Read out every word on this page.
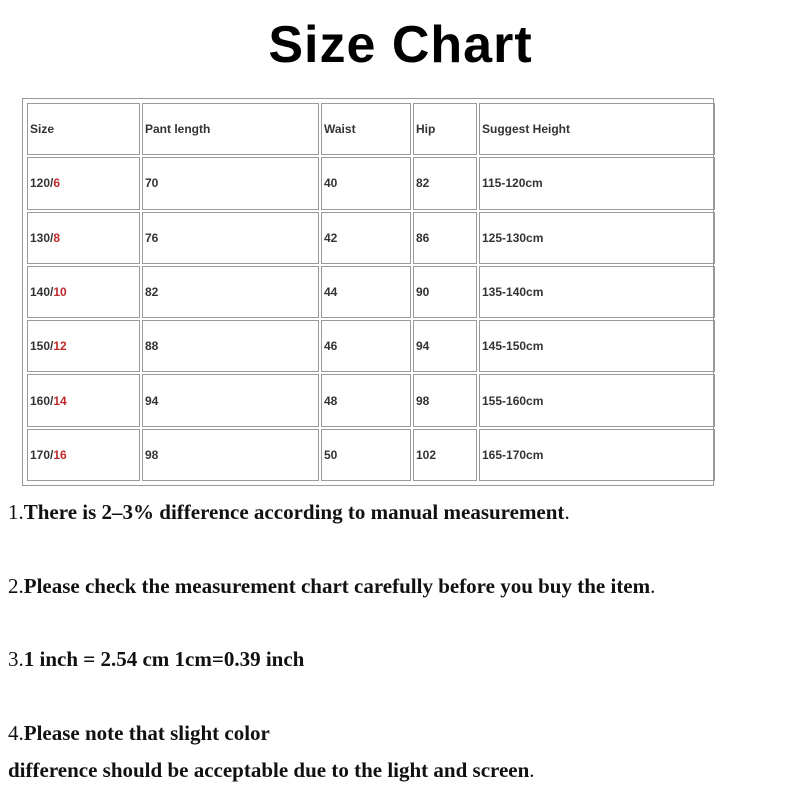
Size Chart
Size	Pant length	Waist	Hip	Suggest Height
120/6	70	40	82	115-120cm
130/8	76	42	86	125-130cm
140/10	82	44	90	135-140cm
150/12	88	46	94	145-150cm
160/14	94	48	98	155-160cm
170/16	98	50	102	165-170cm
1.There is 2–3% difference according to manual measurement.
2.Please check the measurement chart carefully before you buy the item.
3.1 inch = 2.54 cm 1cm=0.39 inch
4.Please note that slight color
difference should be acceptable due to the light and screen.
